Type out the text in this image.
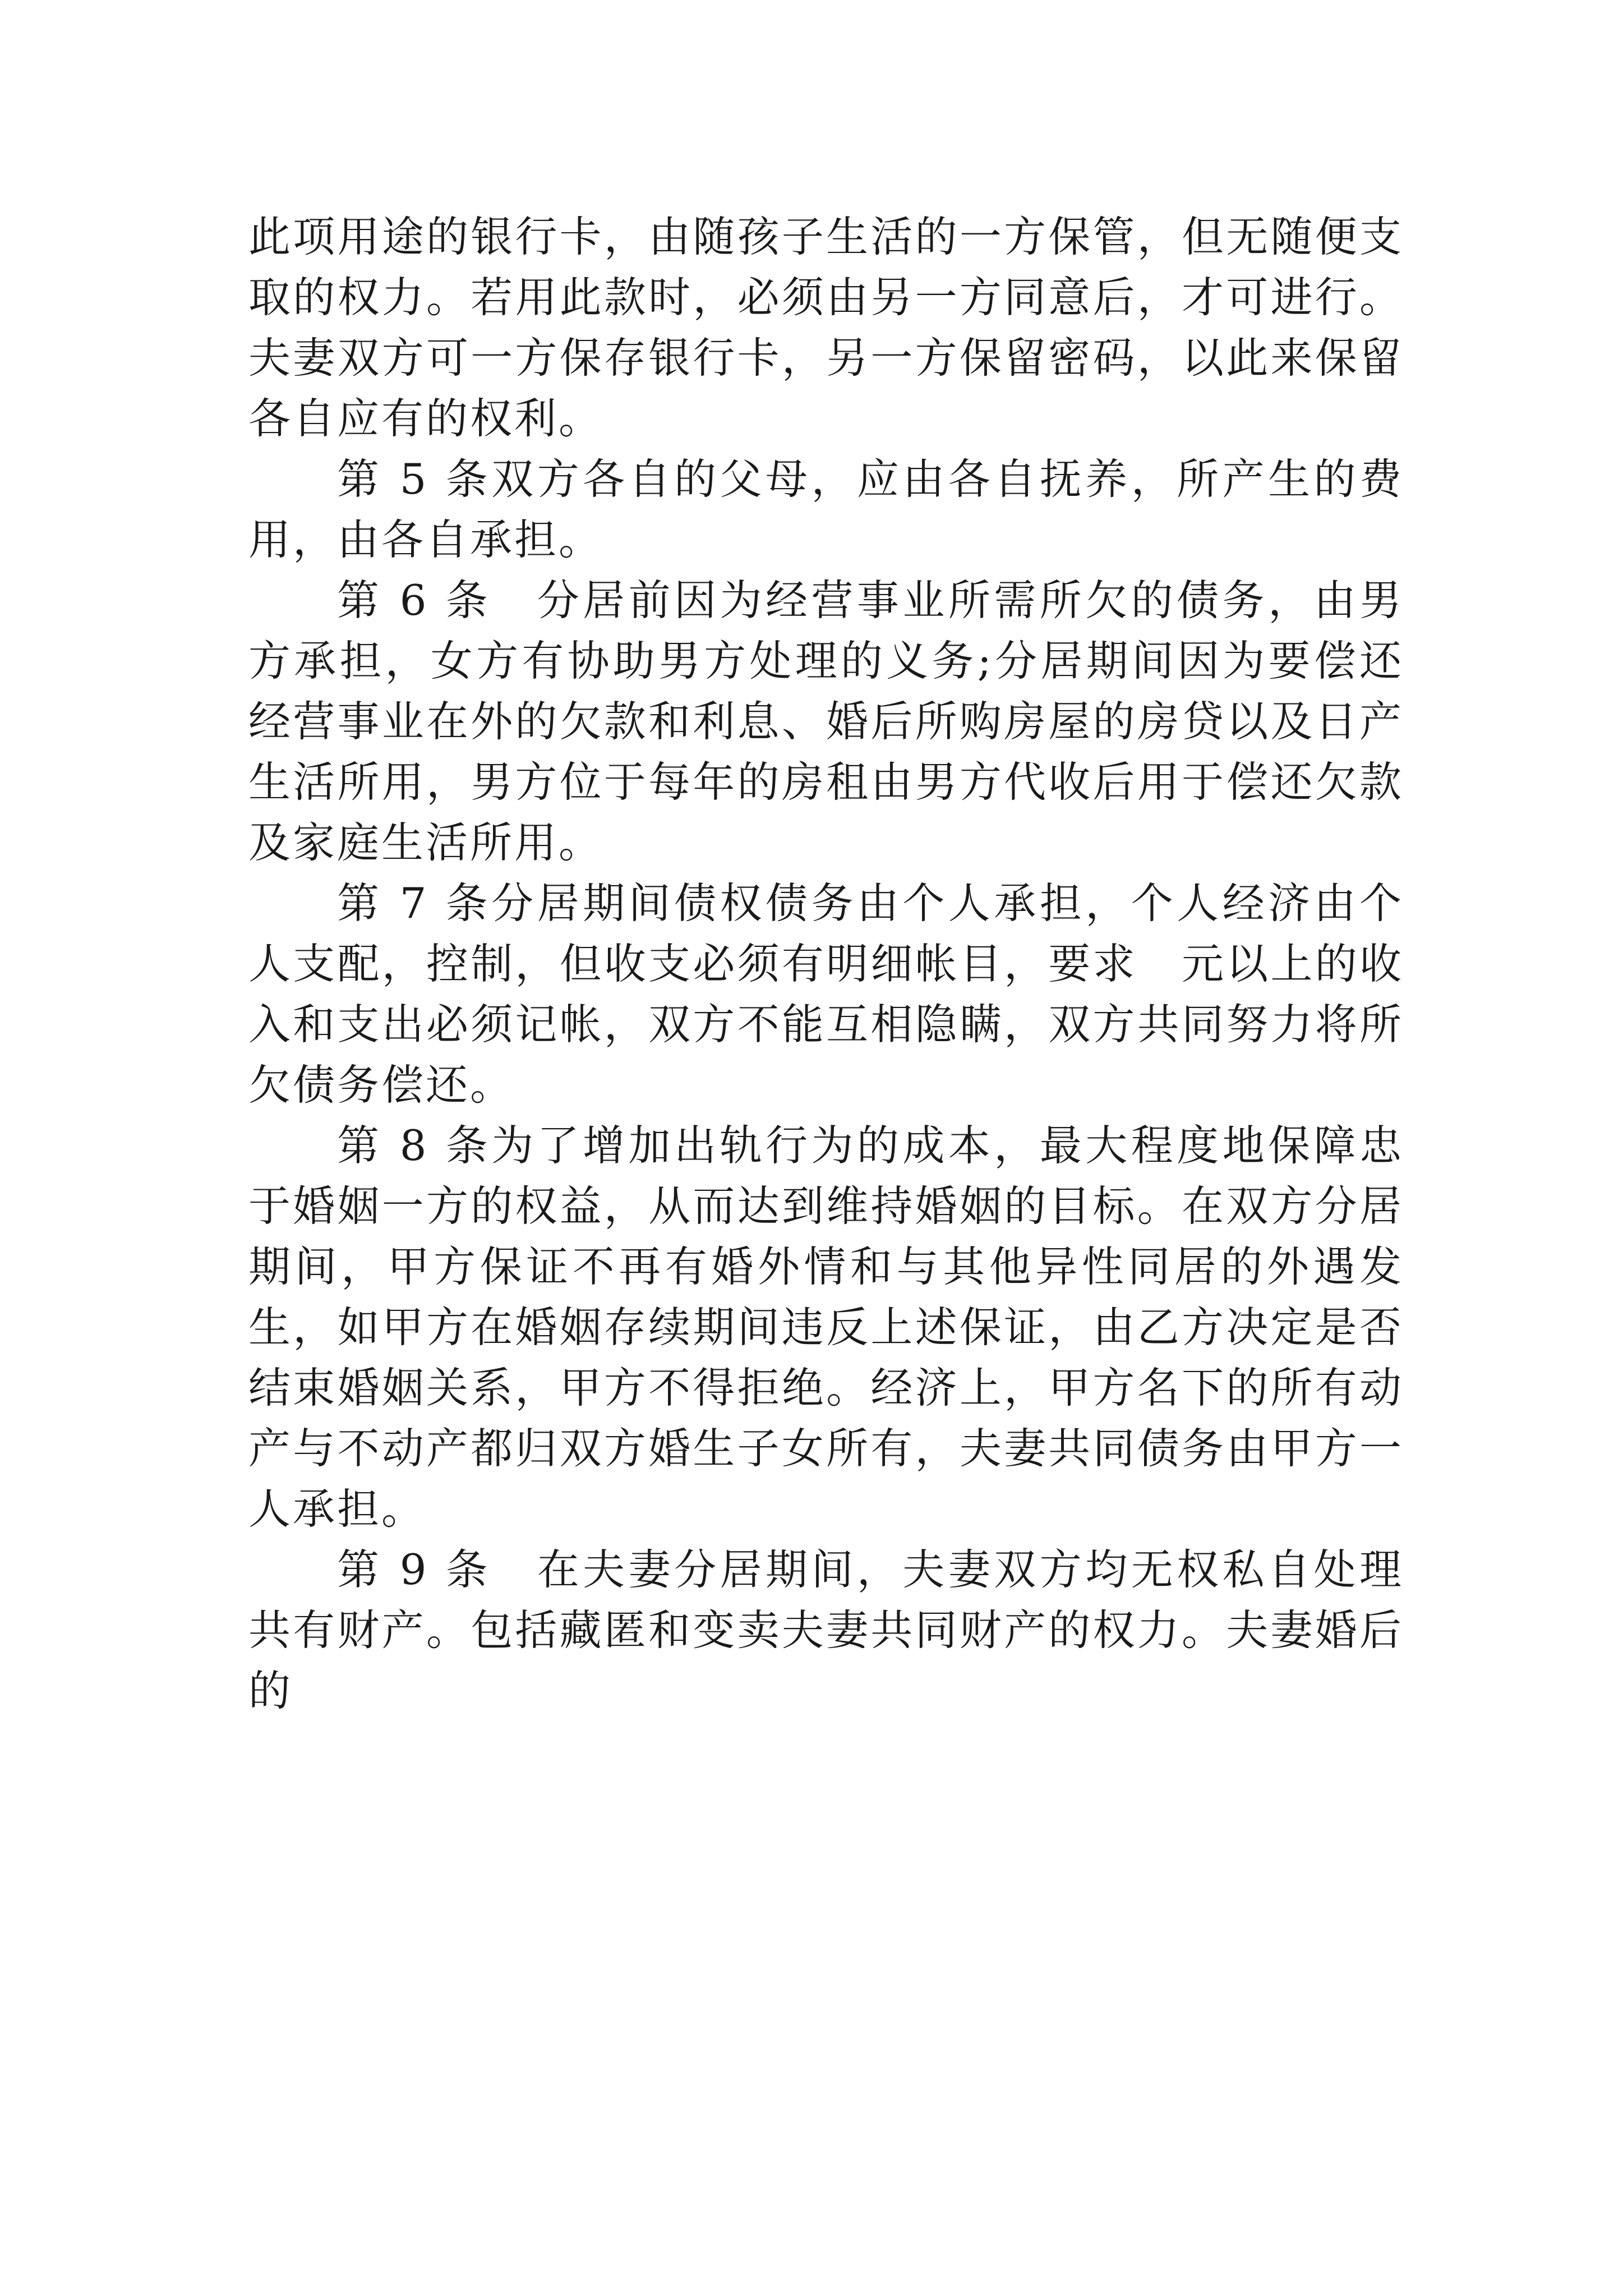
此项用途的银行卡，由随孩子生活的一方保管，但无随便支取的权力。若用此款时，必须由另一方同意后，才可进行。夫妻双方可一方保存银行卡，另一方保留密码，以此来保留各自应有的权利。

第 5 条双方各自的父母，应由各自抚养，所产生的费用，由各自承担。

第 6 条　分居前因为经营事业所需所欠的债务，由男方承担，女方有协助男方处理的义务;分居期间因为要偿还经营事业在外的欠款和利息、婚后所购房屋的房贷以及日产生活所用，男方位于每年的房租由男方代收后用于偿还欠款及家庭生活所用。

第 7 条分居期间债权债务由个人承担，个人经济由个人支配，控制，但收支必须有明细帐目，要求　元以上的收入和支出必须记帐，双方不能互相隐瞒，双方共同努力将所欠债务偿还。

第 8 条为了增加出轨行为的成本，最大程度地保障忠于婚姻一方的权益，从而达到维持婚姻的目标。在双方分居期间，甲方保证不再有婚外情和与其他异性同居的外遇发生，如甲方在婚姻存续期间违反上述保证，由乙方决定是否结束婚姻关系，甲方不得拒绝。经济上，甲方名下的所有动产与不动产都归双方婚生子女所有，夫妻共同债务由甲方一人承担。

第 9 条　在夫妻分居期间，夫妻双方均无权私自处理共有财产。包括藏匿和变卖夫妻共同财产的权力。夫妻婚后的
